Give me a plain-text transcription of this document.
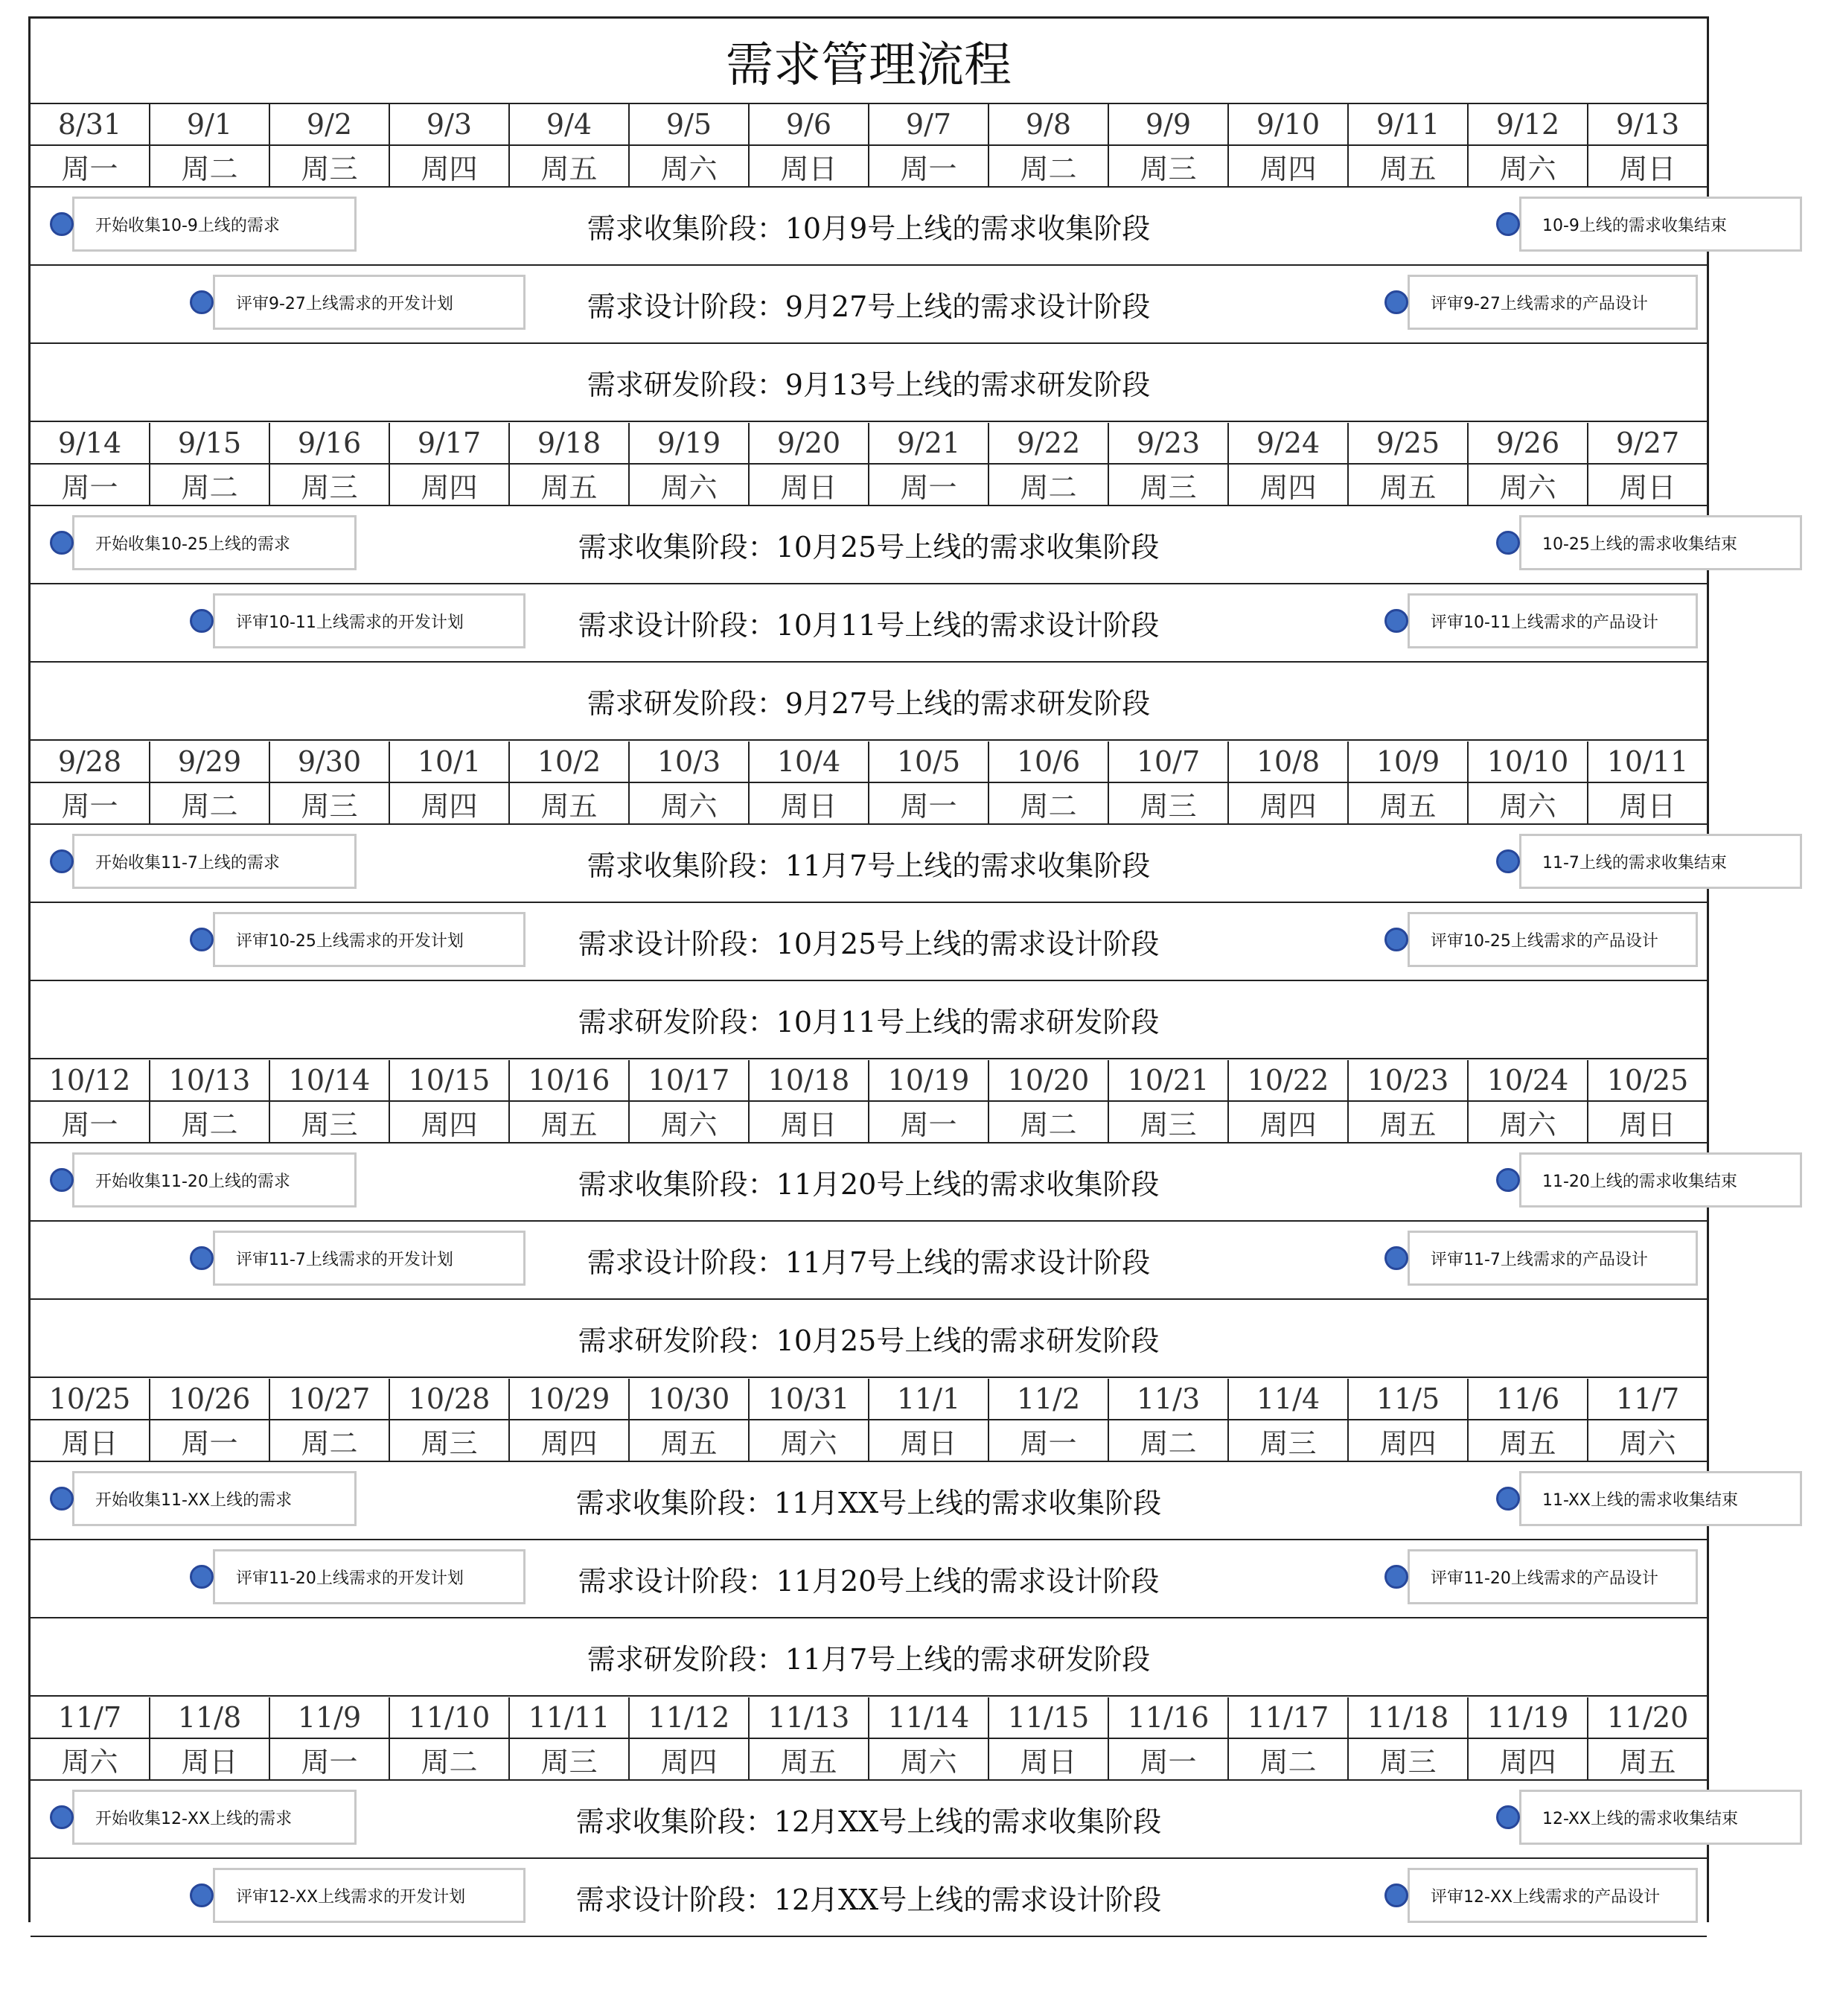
需求管理流程
8/31	9/1	9/2	9/3	9/4	9/5	9/6	9/7	9/8	9/9	9/10	9/11	9/12	9/13
周一	周二	周三	周四	周五	周六	周日	周一	周二	周三	周四	周五	周六	周日
需求收集阶段：10月9号上线的需求收集阶段
开始收集10-9上线的需求	10-9上线的需求收集结束
需求设计阶段：9月27号上线的需求设计阶段
评审9-27上线需求的开发计划	评审9-27上线需求的产品设计
需求研发阶段：9月13号上线的需求研发阶段
9/14	9/15	9/16	9/17	9/18	9/19	9/20	9/21	9/22	9/23	9/24	9/25	9/26	9/27
周一	周二	周三	周四	周五	周六	周日	周一	周二	周三	周四	周五	周六	周日
需求收集阶段：10月25号上线的需求收集阶段
开始收集10-25上线的需求	10-25上线的需求收集结束
需求设计阶段：10月11号上线的需求设计阶段
评审10-11上线需求的开发计划	评审10-11上线需求的产品设计
需求研发阶段：9月27号上线的需求研发阶段
9/28	9/29	9/30	10/1	10/2	10/3	10/4	10/5	10/6	10/7	10/8	10/9	10/10	10/11
周一	周二	周三	周四	周五	周六	周日	周一	周二	周三	周四	周五	周六	周日
需求收集阶段：11月7号上线的需求收集阶段
开始收集11-7上线的需求	11-7上线的需求收集结束
需求设计阶段：10月25号上线的需求设计阶段
评审10-25上线需求的开发计划	评审10-25上线需求的产品设计
需求研发阶段：10月11号上线的需求研发阶段
10/12	10/13	10/14	10/15	10/16	10/17	10/18	10/19	10/20	10/21	10/22	10/23	10/24	10/25
周一	周二	周三	周四	周五	周六	周日	周一	周二	周三	周四	周五	周六	周日
需求收集阶段：11月20号上线的需求收集阶段
开始收集11-20上线的需求	11-20上线的需求收集结束
需求设计阶段：11月7号上线的需求设计阶段
评审11-7上线需求的开发计划	评审11-7上线需求的产品设计
需求研发阶段：10月25号上线的需求研发阶段
10/25	10/26	10/27	10/28	10/29	10/30	10/31	11/1	11/2	11/3	11/4	11/5	11/6	11/7
周日	周一	周二	周三	周四	周五	周六	周日	周一	周二	周三	周四	周五	周六
需求收集阶段：11月XX号上线的需求收集阶段
开始收集11-XX上线的需求	11-XX上线的需求收集结束
需求设计阶段：11月20号上线的需求设计阶段
评审11-20上线需求的开发计划	评审11-20上线需求的产品设计
需求研发阶段：11月7号上线的需求研发阶段
11/7	11/8	11/9	11/10	11/11	11/12	11/13	11/14	11/15	11/16	11/17	11/18	11/19	11/20
周六	周日	周一	周二	周三	周四	周五	周六	周日	周一	周二	周三	周四	周五
需求收集阶段：12月XX号上线的需求收集阶段
开始收集12-XX上线的需求	12-XX上线的需求收集结束
需求设计阶段：12月XX号上线的需求设计阶段
评审12-XX上线需求的开发计划	评审12-XX上线需求的产品设计
